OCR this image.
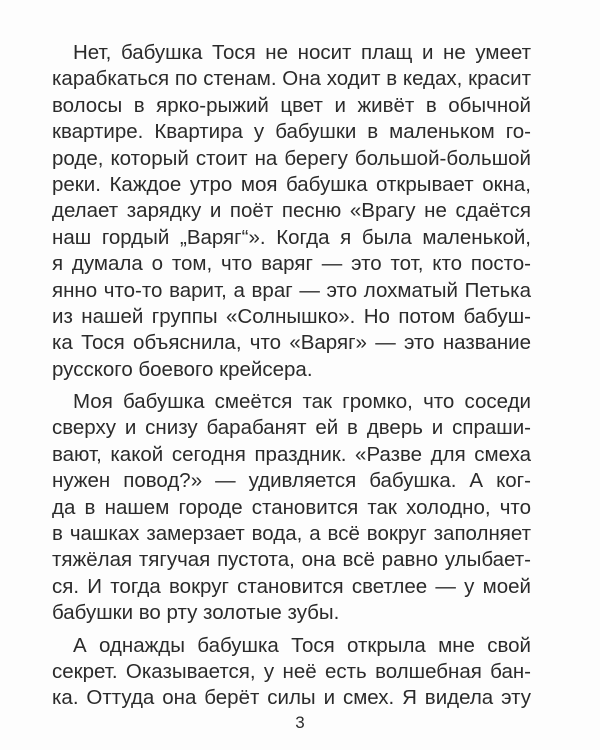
Нет, бабушка Тося не носит плащ и не умеет
карабкаться по стенам. Она ходит в кедах, красит
волосы в ярко-рыжий цвет и живёт в обычной
квартире. Квартира у бабушки в маленьком го-
роде, который стоит на берегу большой-большой
реки. Каждое утро моя бабушка открывает окна,
делает зарядку и поёт песню «Врагу не сдаётся
наш гордый „Варяг“». Когда я была маленькой,
я думала о том, что варяг — это тот, кто посто-
янно что-то варит, а враг — это лохматый Петька
из нашей группы «Солнышко». Но потом бабуш-
ка Тося объяснила, что «Варяг» — это название
русского боевого крейсера.
Моя бабушка смеётся так громко, что соседи
сверху и снизу барабанят ей в дверь и спраши-
вают, какой сегодня праздник. «Разве для смеха
нужен повод?» — удивляется бабушка. А ког-
да в нашем городе становится так холодно, что
в чашках замерзает вода, а всё вокруг заполняет
тяжёлая тягучая пустота, она всё равно улыбает-
ся. И тогда вокруг становится светлее — у моей
бабушки во рту золотые зубы.
А однажды бабушка Тося открыла мне свой
секрет. Оказывается, у неё есть волшебная бан-
ка. Оттуда она берёт силы и смех. Я видела эту
3
